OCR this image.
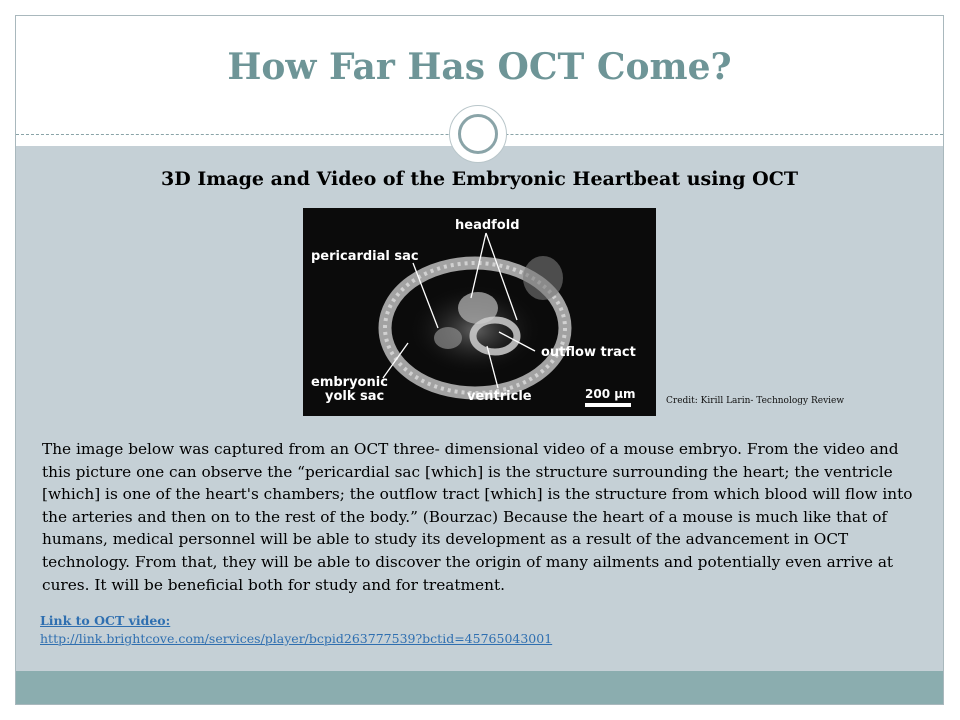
How Far Has OCT Come?
3D Image and Video of the Embryonic Heartbeat using OCT
headfold
pericardial sac
outflow tract
embryonic
yolk sac	ventricle	200 μm	Credit: Kirill Larin- Technology Review

The image below was captured from an OCT three- dimensional video of a mouse embryo. From the video and this picture one can observe the “pericardial sac [which] is the structure surrounding the heart; the ventricle [which] is one of the heart's chambers; the outflow tract [which] is the structure from which blood will flow into the arteries and then on to the rest of the body.” (Bourzac) Because the heart of a mouse is much like that of humans, medical personnel will be able to study its development as a result of the advancement in OCT technology. From that, they will be able to discover the origin of many ailments and potentially even arrive at cures. It will be beneficial both for study and for treatment.

Link to OCT video:
http://link.brightcove.com/services/player/bcpid263777539?bctid=45765043001
